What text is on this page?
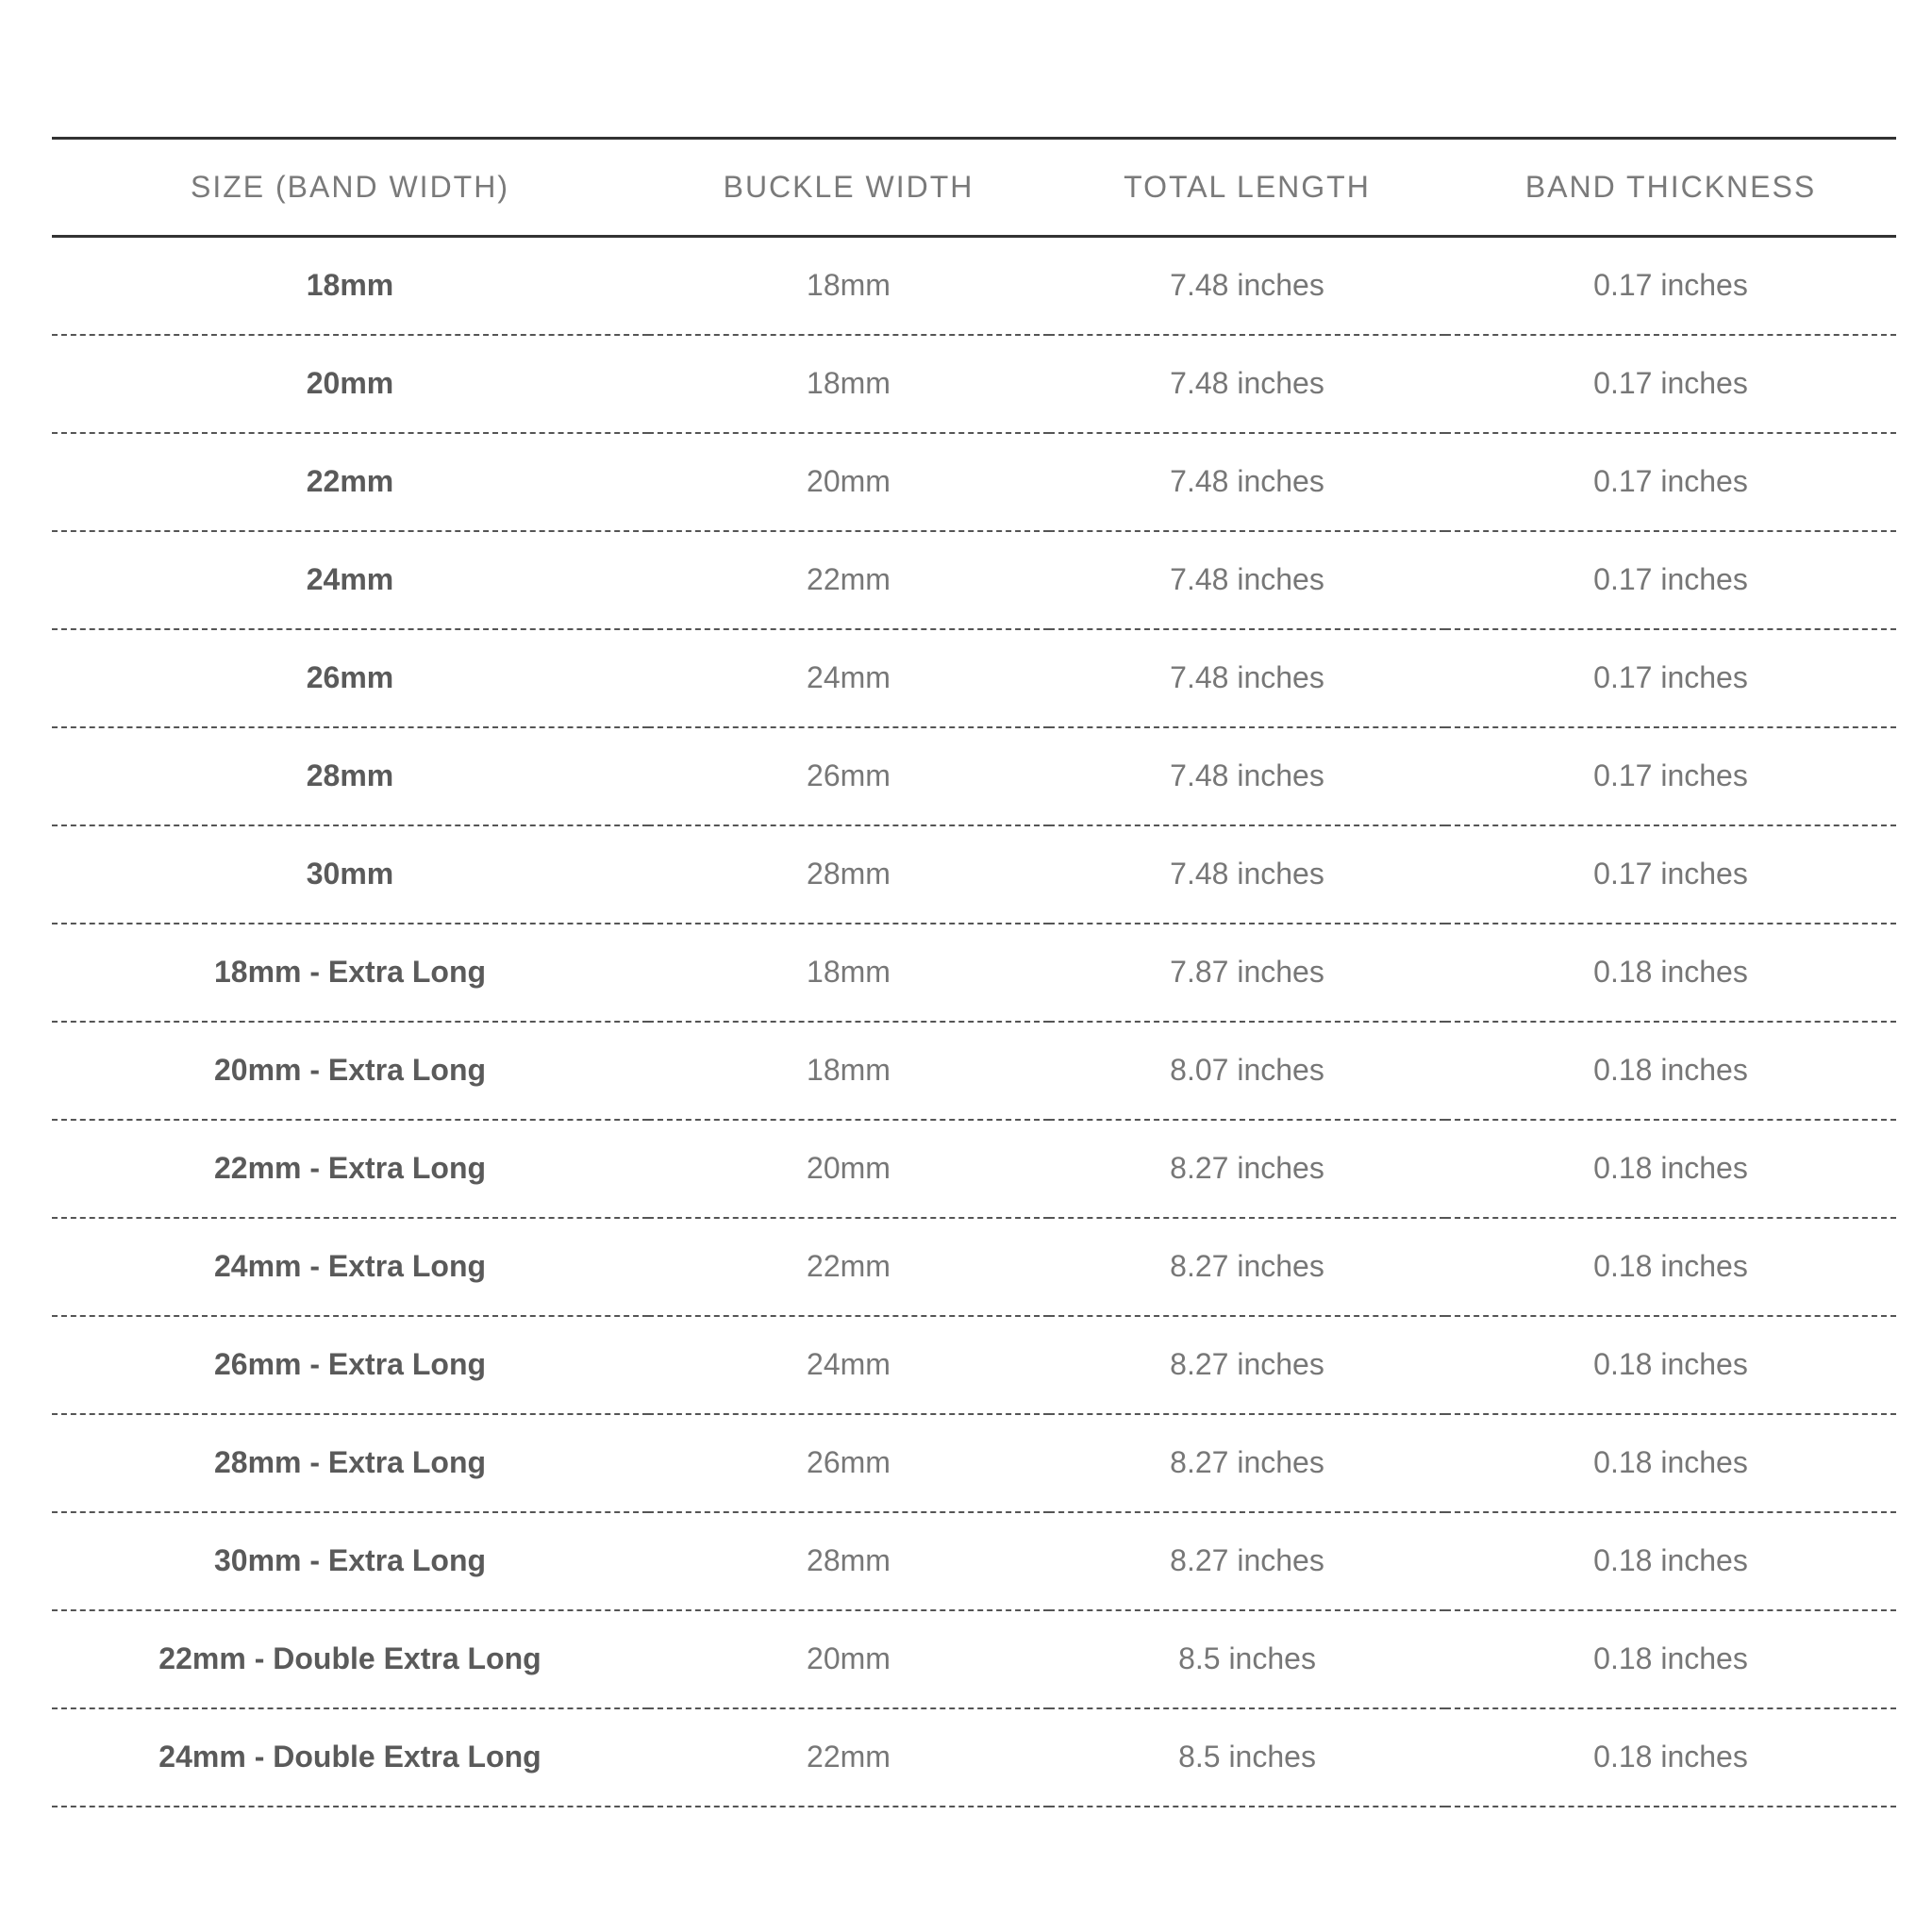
SIZE (BAND WIDTH)	BUCKLE WIDTH	TOTAL LENGTH	BAND THICKNESS
18mm	18mm	7.48 inches	0.17 inches
20mm	18mm	7.48 inches	0.17 inches
22mm	20mm	7.48 inches	0.17 inches
24mm	22mm	7.48 inches	0.17 inches
26mm	24mm	7.48 inches	0.17 inches
28mm	26mm	7.48 inches	0.17 inches
30mm	28mm	7.48 inches	0.17 inches
18mm - Extra Long	18mm	7.87 inches	0.18 inches
20mm - Extra Long	18mm	8.07 inches	0.18 inches
22mm - Extra Long	20mm	8.27 inches	0.18 inches
24mm - Extra Long	22mm	8.27 inches	0.18 inches
26mm - Extra Long	24mm	8.27 inches	0.18 inches
28mm - Extra Long	26mm	8.27 inches	0.18 inches
30mm - Extra Long	28mm	8.27 inches	0.18 inches
22mm - Double Extra Long	20mm	8.5 inches	0.18 inches
24mm - Double Extra Long	22mm	8.5 inches	0.18 inches
